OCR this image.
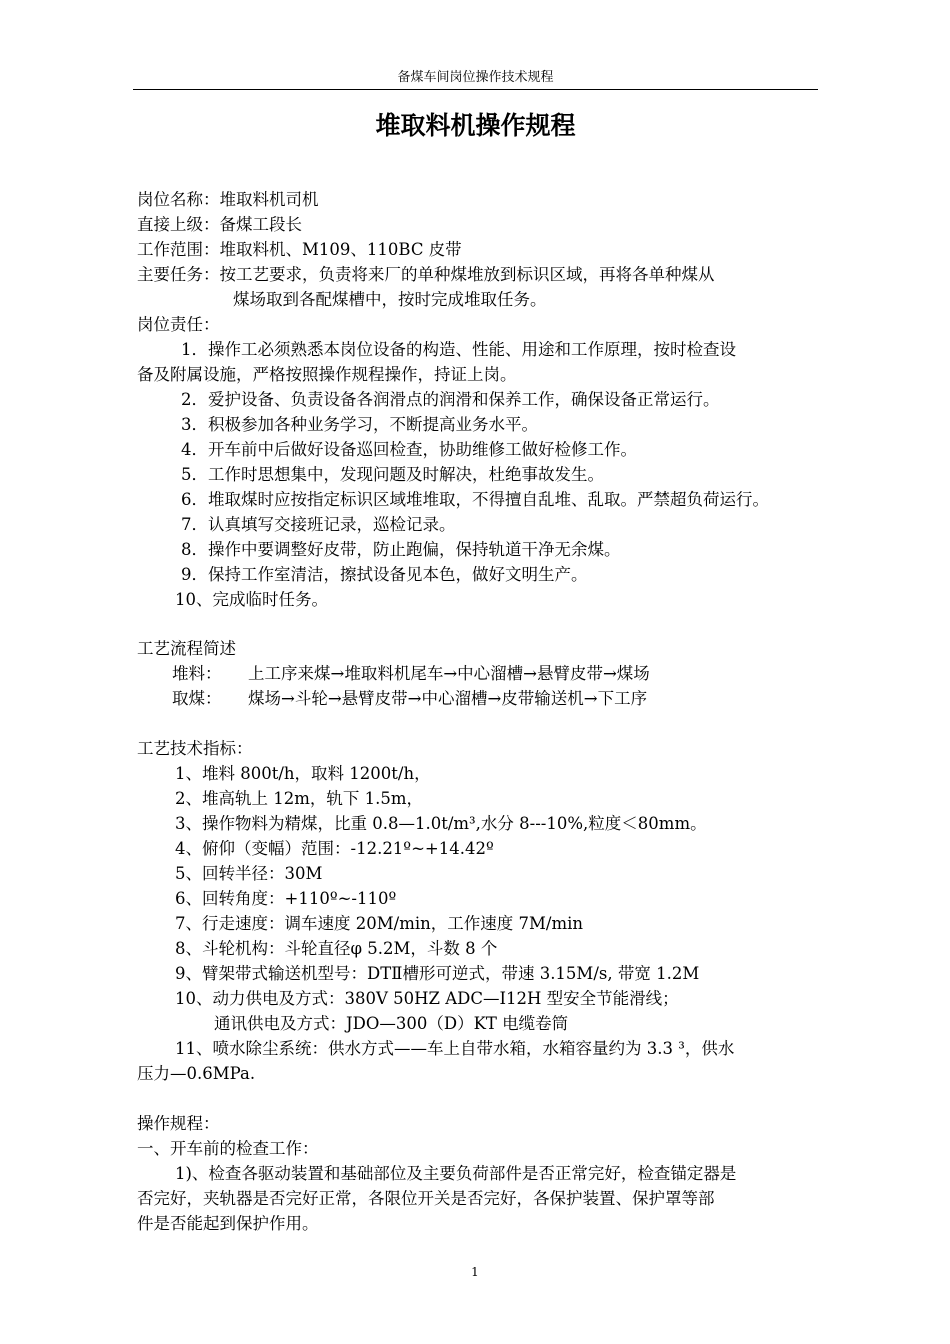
备煤车间岗位操作技术规程
堆取料机操作规程
岗位名称：堆取料机司机
直接上级：备煤工段长
工作范围：堆取料机、M109、110BC 皮带
主要任务：按工艺要求，负责将来厂的单种煤堆放到标识区域，再将各单种煤从
煤场取到各配煤槽中，按时完成堆取任务。
岗位责任：
1．操作工必须熟悉本岗位设备的构造、性能、用途和工作原理，按时检查设
备及附属设施，严格按照操作规程操作，持证上岗。
2．爱护设备、负责设备各润滑点的润滑和保养工作，确保设备正常运行。
3．积极参加各种业务学习，不断提高业务水平。
4．开车前中后做好设备巡回检查，协助维修工做好检修工作。
5．工作时思想集中，发现问题及时解决，杜绝事故发生。
6．堆取煤时应按指定标识区域堆堆取，不得擅自乱堆、乱取。严禁超负荷运行。
7．认真填写交接班记录，巡检记录。
8．操作中要调整好皮带，防止跑偏，保持轨道干净无余煤。
9．保持工作室清洁，擦拭设备见本色，做好文明生产。
10、完成临时任务。
工艺流程简述
堆料： 上工序来煤→堆取料机尾车→中心溜槽→悬臂皮带→煤场
取煤： 煤场→斗轮→悬臂皮带→中心溜槽→皮带输送机→下工序
工艺技术指标：
1、堆料 800t/h，取料 1200t/h，
2、堆高轨上 12m，轨下 1.5m，
3、操作物料为精煤，比重 0.8—1.0t/m³,水分 8---10%,粒度＜80mm。
4、俯仰（变幅）范围：-12.21º~+14.42º
5、回转半径：30M
6、回转角度：+110º~-110º
7、行走速度：调车速度 20M/min，工作速度 7M/min
8、斗轮机构：斗轮直径φ 5.2M，斗数 8 个
9、臂架带式输送机型号：DTⅡ槽形可逆式，带速 3.15M/s, 带宽 1.2M
10、动力供电及方式：380V 50HZ ADC—I12H 型安全节能滑线；
通讯供电及方式：JDO—300（D）KT 电缆卷筒
11、喷水除尘系统：供水方式——车上自带水箱，水箱容量约为 3.3 ³，供水
压力—0.6MPa.
操作规程：
一、开车前的检查工作：
1)、检查各驱动装置和基础部位及主要负荷部件是否正常完好，检查锚定器是
否完好，夹轨器是否完好正常，各限位开关是否完好，各保护装置、保护罩等部
件是否能起到保护作用。
1
